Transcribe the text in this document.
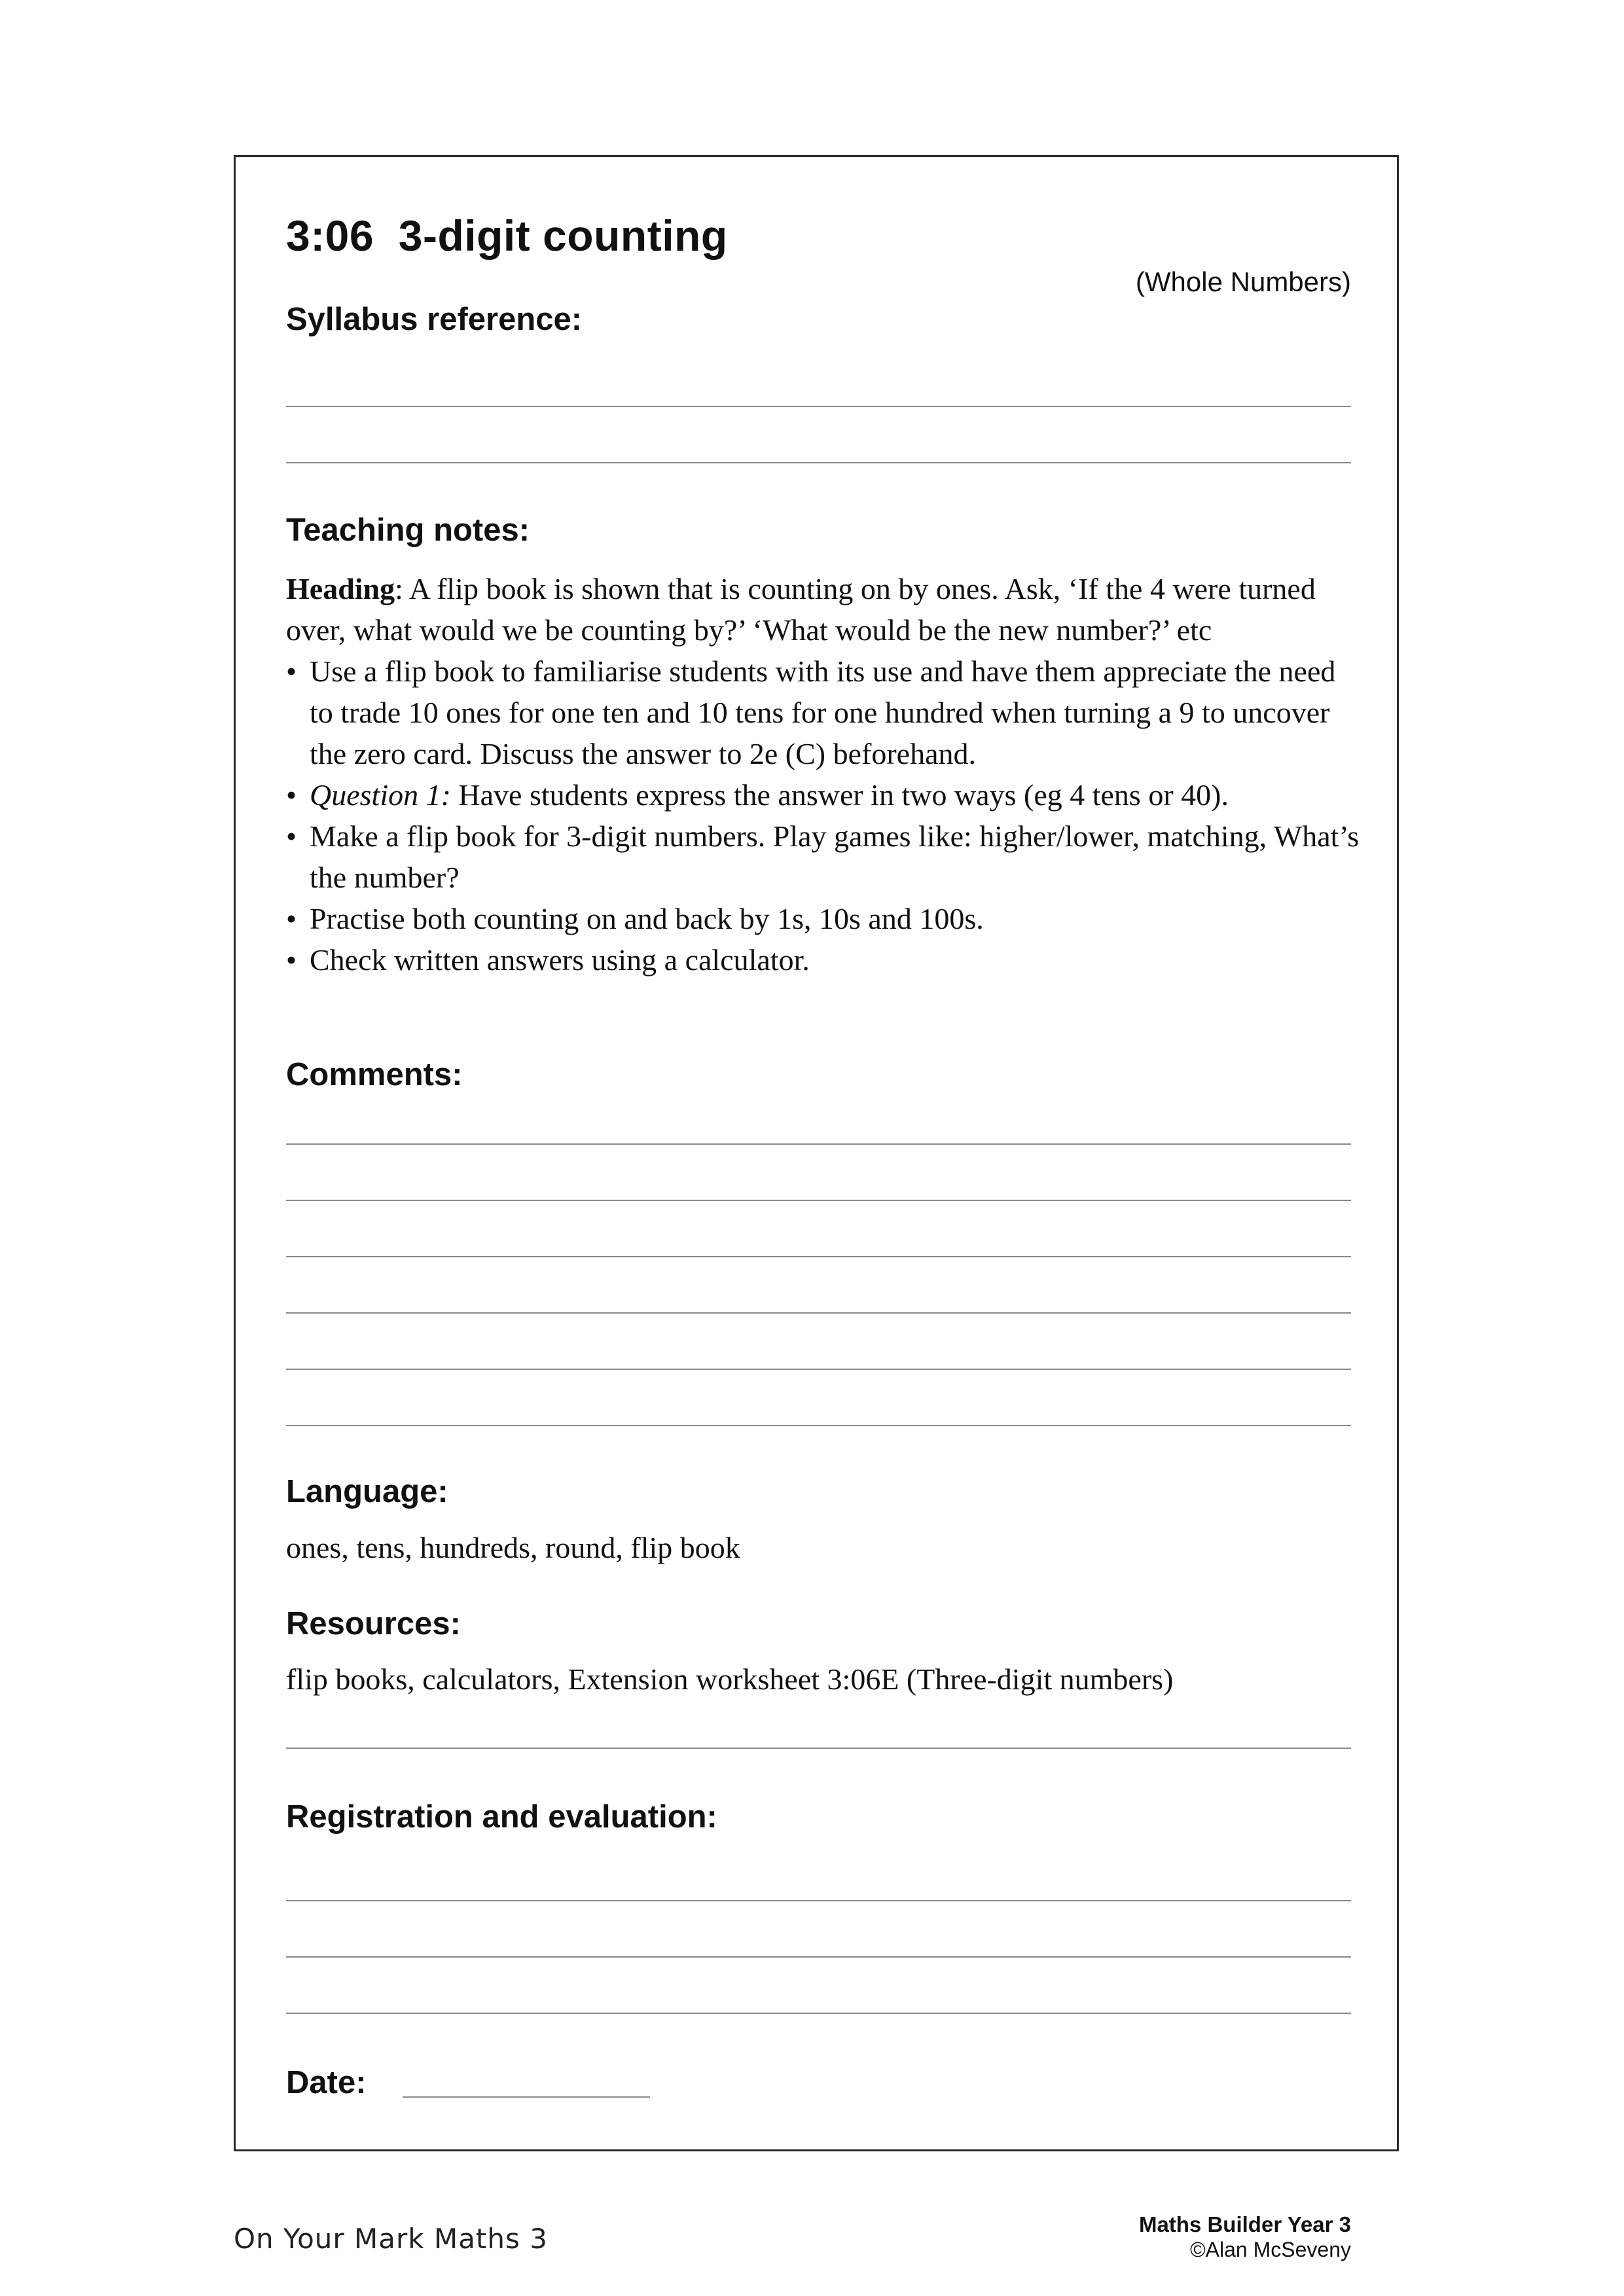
3:06  3-digit counting
(Whole Numbers)
Syllabus reference:
Teaching notes:

Heading: A flip book is shown that is counting on by ones. Ask, ‘If the 4 were turned over, what would we be counting by?’ ‘What would be the new number?’ etc

• Use a flip book to familiarise students with its use and have them appreciate the need to trade 10 ones for one ten and 10 tens for one hundred when turning a 9 to uncover the zero card. Discuss the answer to 2e (C) beforehand.
• Question 1: Have students express the answer in two ways (eg 4 tens or 40).
• Make a flip book for 3-digit numbers. Play games like: higher/lower, matching, What’s the number?
• Practise both counting on and back by 1s, 10s and 100s.
• Check written answers using a calculator.
Comments:
Language:
ones, tens, hundreds, round, flip book
Resources:
flip books, calculators, Extension worksheet 3:06E (Three-digit numbers)
Registration and evaluation:
Date:
On Your Mark Maths 3	Maths Builder Year 3
©Alan McSeveny
